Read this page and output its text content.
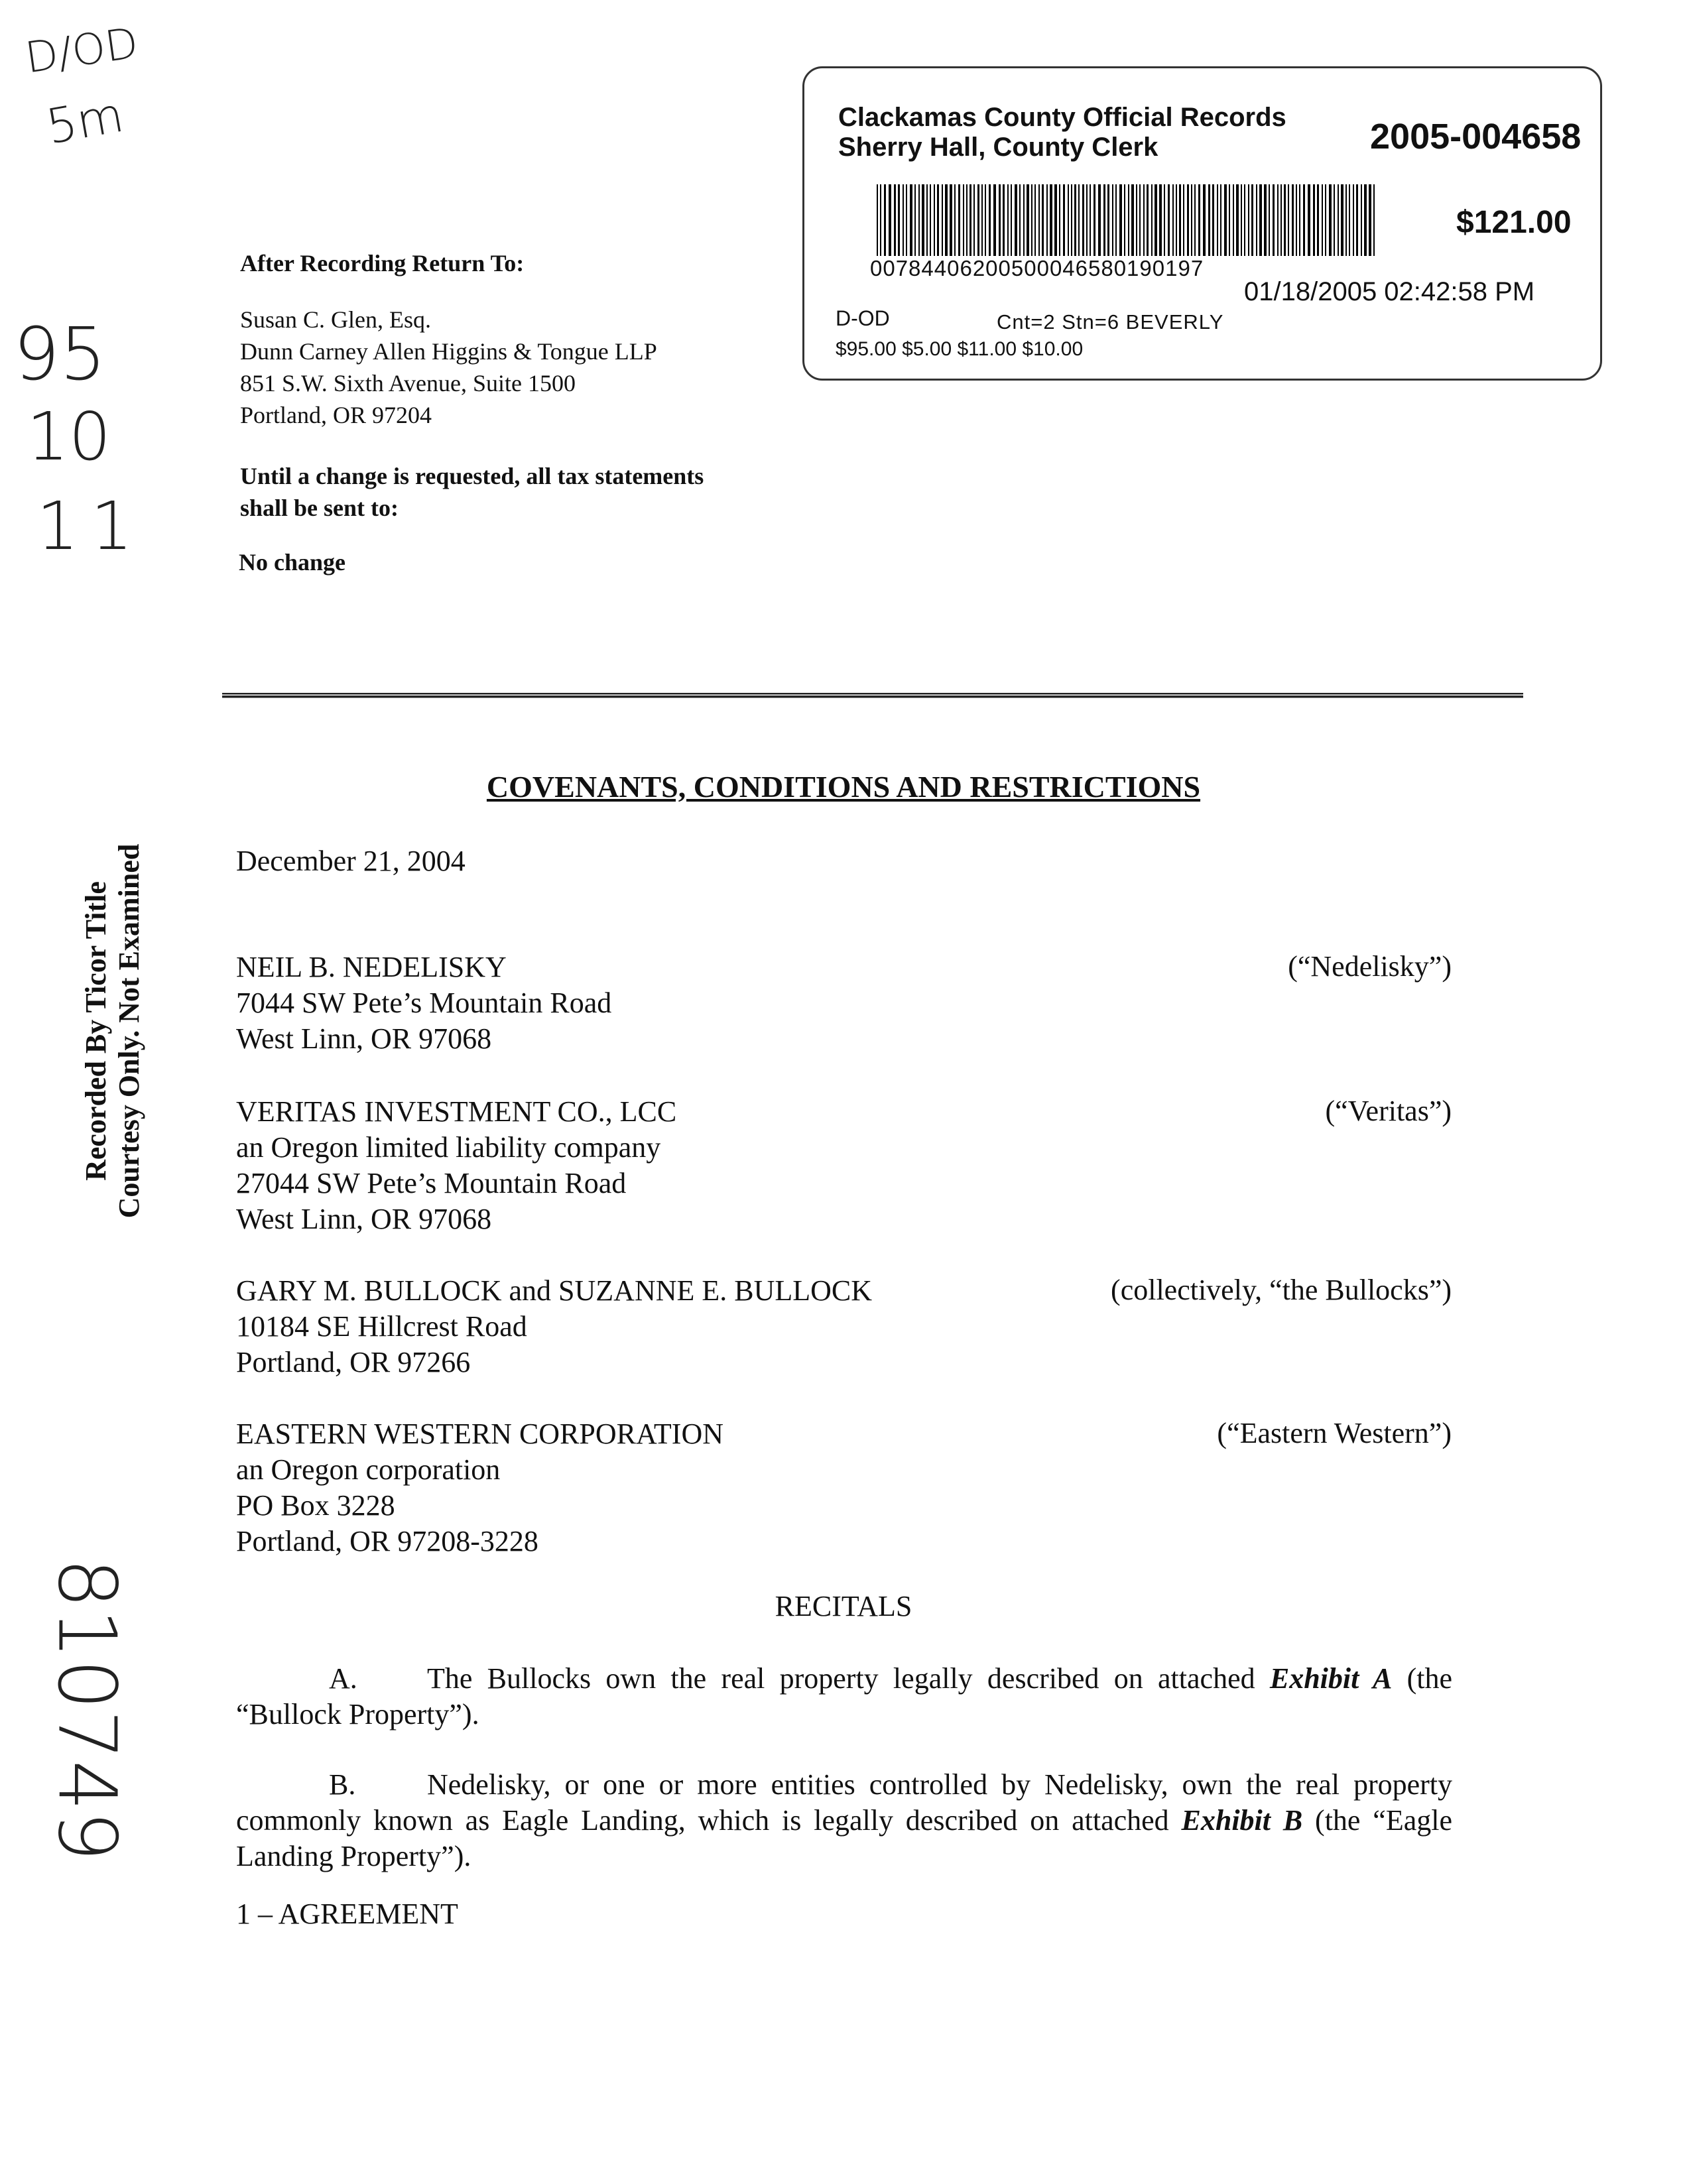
D/OD
5m
95
10
11
810749
Recorded By Ticor Title Courtesy Only. Not Examined
Clackamas County Official Records
Sherry Hall, County Clerk	2005-004658
$121.00
00784406200500046580190197
01/18/2005 02:42:58 PM
D-OD	Cnt=2 Stn=6 BEVERLY
$95.00 $5.00 $11.00 $10.00
After Recording Return To:
Susan C. Glen, Esq.
Dunn Carney Allen Higgins & Tongue LLP
851 S.W. Sixth Avenue, Suite 1500
Portland, OR 97204
Until a change is requested, all tax statements
shall be sent to:
No change
COVENANTS, CONDITIONS AND RESTRICTIONS
December 21, 2004
NEIL B. NEDELISKY
7044 SW Pete’s Mountain Road
West Linn, OR 97068
(“Nedelisky”)
VERITAS INVESTMENT CO., LCC
an Oregon limited liability company
27044 SW Pete’s Mountain Road
West Linn, OR 97068
(“Veritas”)
GARY M. BULLOCK and SUZANNE E. BULLOCK
10184 SE Hillcrest Road
Portland, OR 97266
(collectively, “the Bullocks”)
EASTERN WESTERN CORPORATION
an Oregon corporation
PO Box 3228
Portland, OR 97208-3228
(“Eastern Western”)
RECITALS
A. The Bullocks own the real property legally described on attached Exhibit A (the “Bullock Property”).
B. Nedelisky, or one or more entities controlled by Nedelisky, own the real property commonly known as Eagle Landing, which is legally described on attached Exhibit B (the “Eagle Landing Property”).
1 – AGREEMENT
